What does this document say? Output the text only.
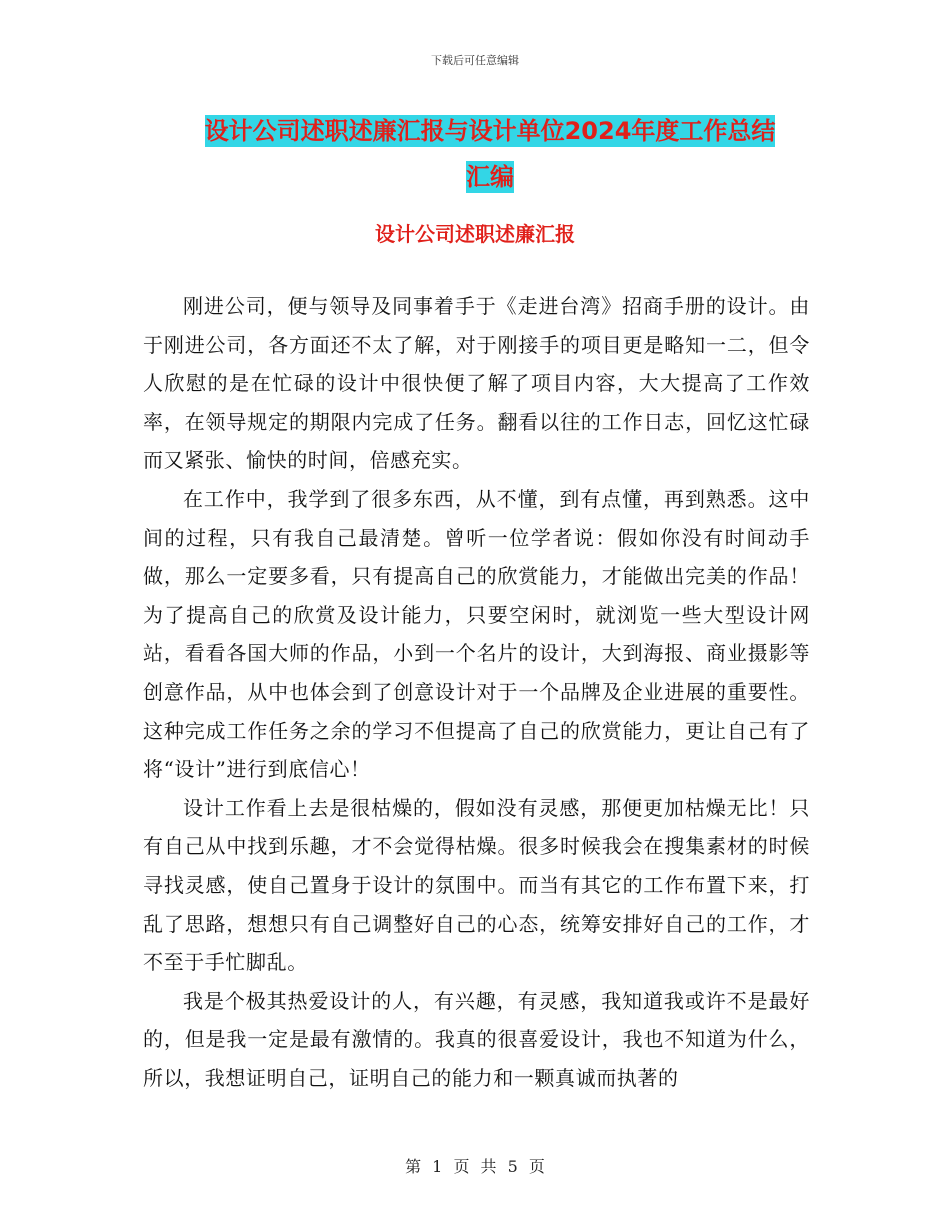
下载后可任意编辑
设计公司述职述廉汇报与设计单位2024年度工作总结
汇编
设计公司述职述廉汇报

刚进公司，便与领导及同事着手于《走进台湾》招商手册的设计。由于刚进公司，各方面还不太了解，对于刚接手的项目更是略知一二，但令人欣慰的是在忙碌的设计中很快便了解了项目内容，大大提高了工作效率，在领导规定的期限内完成了任务。翻看以往的工作日志，回忆这忙碌而又紧张、愉快的时间，倍感充实。

在工作中，我学到了很多东西，从不懂，到有点懂，再到熟悉。这中间的过程，只有我自己最清楚。曾听一位学者说：假如你没有时间动手做，那么一定要多看，只有提高自己的欣赏能力，才能做出完美的作品！为了提高自己的欣赏及设计能力，只要空闲时，就浏览一些大型设计网站，看看各国大师的作品，小到一个名片的设计，大到海报、商业摄影等创意作品，从中也体会到了创意设计对于一个品牌及企业进展的重要性。这种完成工作任务之余的学习不但提高了自己的欣赏能力，更让自己有了将“设计”进行到底信心！

设计工作看上去是很枯燥的，假如没有灵感，那便更加枯燥无比！只有自己从中找到乐趣，才不会觉得枯燥。很多时候我会在搜集素材的时候寻找灵感，使自己置身于设计的氛围中。而当有其它的工作布置下来，打乱了思路，想想只有自己调整好自己的心态，统筹安排好自己的工作，才不至于手忙脚乱。

我是个极其热爱设计的人，有兴趣，有灵感，我知道我或许不是最好的，但是我一定是最有激情的。我真的很喜爱设计，我也不知道为什么，所以，我想证明自己，证明自己的能力和一颗真诚而执著的

第 1 页 共 5 页
